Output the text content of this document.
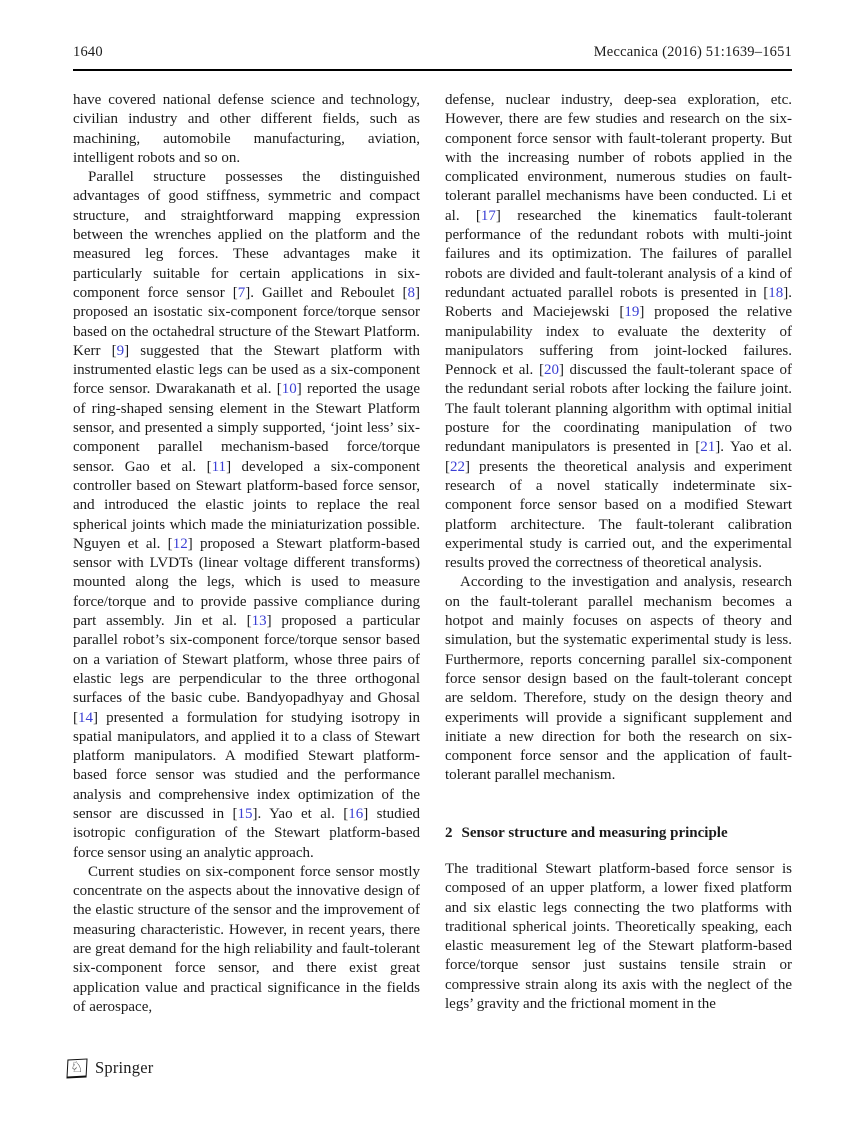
1640	Meccanica (2016) 51:1639–1651

have covered national defense science and technology, civilian industry and other different fields, such as machining, automobile manufacturing, aviation, intelligent robots and so on.

Parallel structure possesses the distinguished advantages of good stiffness, symmetric and compact structure, and straightforward mapping expression between the wrenches applied on the platform and the measured leg forces. These advantages make it particularly suitable for certain applications in six-component force sensor [7]. Gaillet and Reboulet [8] proposed an isostatic six-component force/torque sensor based on the octahedral structure of the Stewart Platform. Kerr [9] suggested that the Stewart platform with instrumented elastic legs can be used as a six-component force sensor. Dwarakanath et al. [10] reported the usage of ring-shaped sensing element in the Stewart Platform sensor, and presented a simply supported, ‘joint less’ six-component parallel mechanism-based force/torque sensor. Gao et al. [11] developed a six-component controller based on Stewart platform-based force sensor, and introduced the elastic joints to replace the real spherical joints which made the miniaturization possible. Nguyen et al. [12] proposed a Stewart platform-based sensor with LVDTs (linear voltage different transforms) mounted along the legs, which is used to measure force/torque and to provide passive compliance during part assembly. Jin et al. [13] proposed a particular parallel robot’s six-component force/torque sensor based on a variation of Stewart platform, whose three pairs of elastic legs are perpendicular to the three orthogonal surfaces of the basic cube. Bandyopadhyay and Ghosal [14] presented a formulation for studying isotropy in spatial manipulators, and applied it to a class of Stewart platform manipulators. A modified Stewart platform-based force sensor was studied and the performance analysis and comprehensive index optimization of the sensor are discussed in [15]. Yao et al. [16] studied isotropic configuration of the Stewart platform-based force sensor using an analytic approach.

Current studies on six-component force sensor mostly concentrate on the aspects about the innovative design of the elastic structure of the sensor and the improvement of measuring characteristic. However, in recent years, there are great demand for the high reliability and fault-tolerant six-component force sensor, and there exist great application value and practical significance in the fields of aerospace,

defense, nuclear industry, deep-sea exploration, etc. However, there are few studies and research on the six-component force sensor with fault-tolerant property. But with the increasing number of robots applied in the complicated environment, numerous studies on fault-tolerant parallel mechanisms have been conducted. Li et al. [17] researched the kinematics fault-tolerant performance of the redundant robots with multi-joint failures and its optimization. The failures of parallel robots are divided and fault-tolerant analysis of a kind of redundant actuated parallel robots is presented in [18]. Roberts and Maciejewski [19] proposed the relative manipulability index to evaluate the dexterity of manipulators suffering from joint-locked failures. Pennock et al. [20] discussed the fault-tolerant space of the redundant serial robots after locking the failure joint. The fault tolerant planning algorithm with optimal initial posture for the coordinating manipulation of two redundant manipulators is presented in [21]. Yao et al. [22] presents the theoretical analysis and experiment research of a novel statically indeterminate six-component force sensor based on a modified Stewart platform architecture. The fault-tolerant calibration experimental study is carried out, and the experimental results proved the correctness of theoretical analysis.

According to the investigation and analysis, research on the fault-tolerant parallel mechanism becomes a hotpot and mainly focuses on aspects of theory and simulation, but the systematic experimental study is less. Furthermore, reports concerning parallel six-component force sensor design based on the fault-tolerant concept are seldom. Therefore, study on the design theory and experiments will provide a significant supplement and initiate a new direction for both the research on six-component force sensor and the application of fault-tolerant parallel mechanism.

2 Sensor structure and measuring principle

The traditional Stewart platform-based force sensor is composed of an upper platform, a lower fixed platform and six elastic legs connecting the two platforms with traditional spherical joints. Theoretically speaking, each elastic measurement leg of the Stewart platform-based force/torque sensor just sustains tensile strain or compressive strain along its axis with the neglect of the legs’ gravity and the frictional moment in the

♘ Springer
